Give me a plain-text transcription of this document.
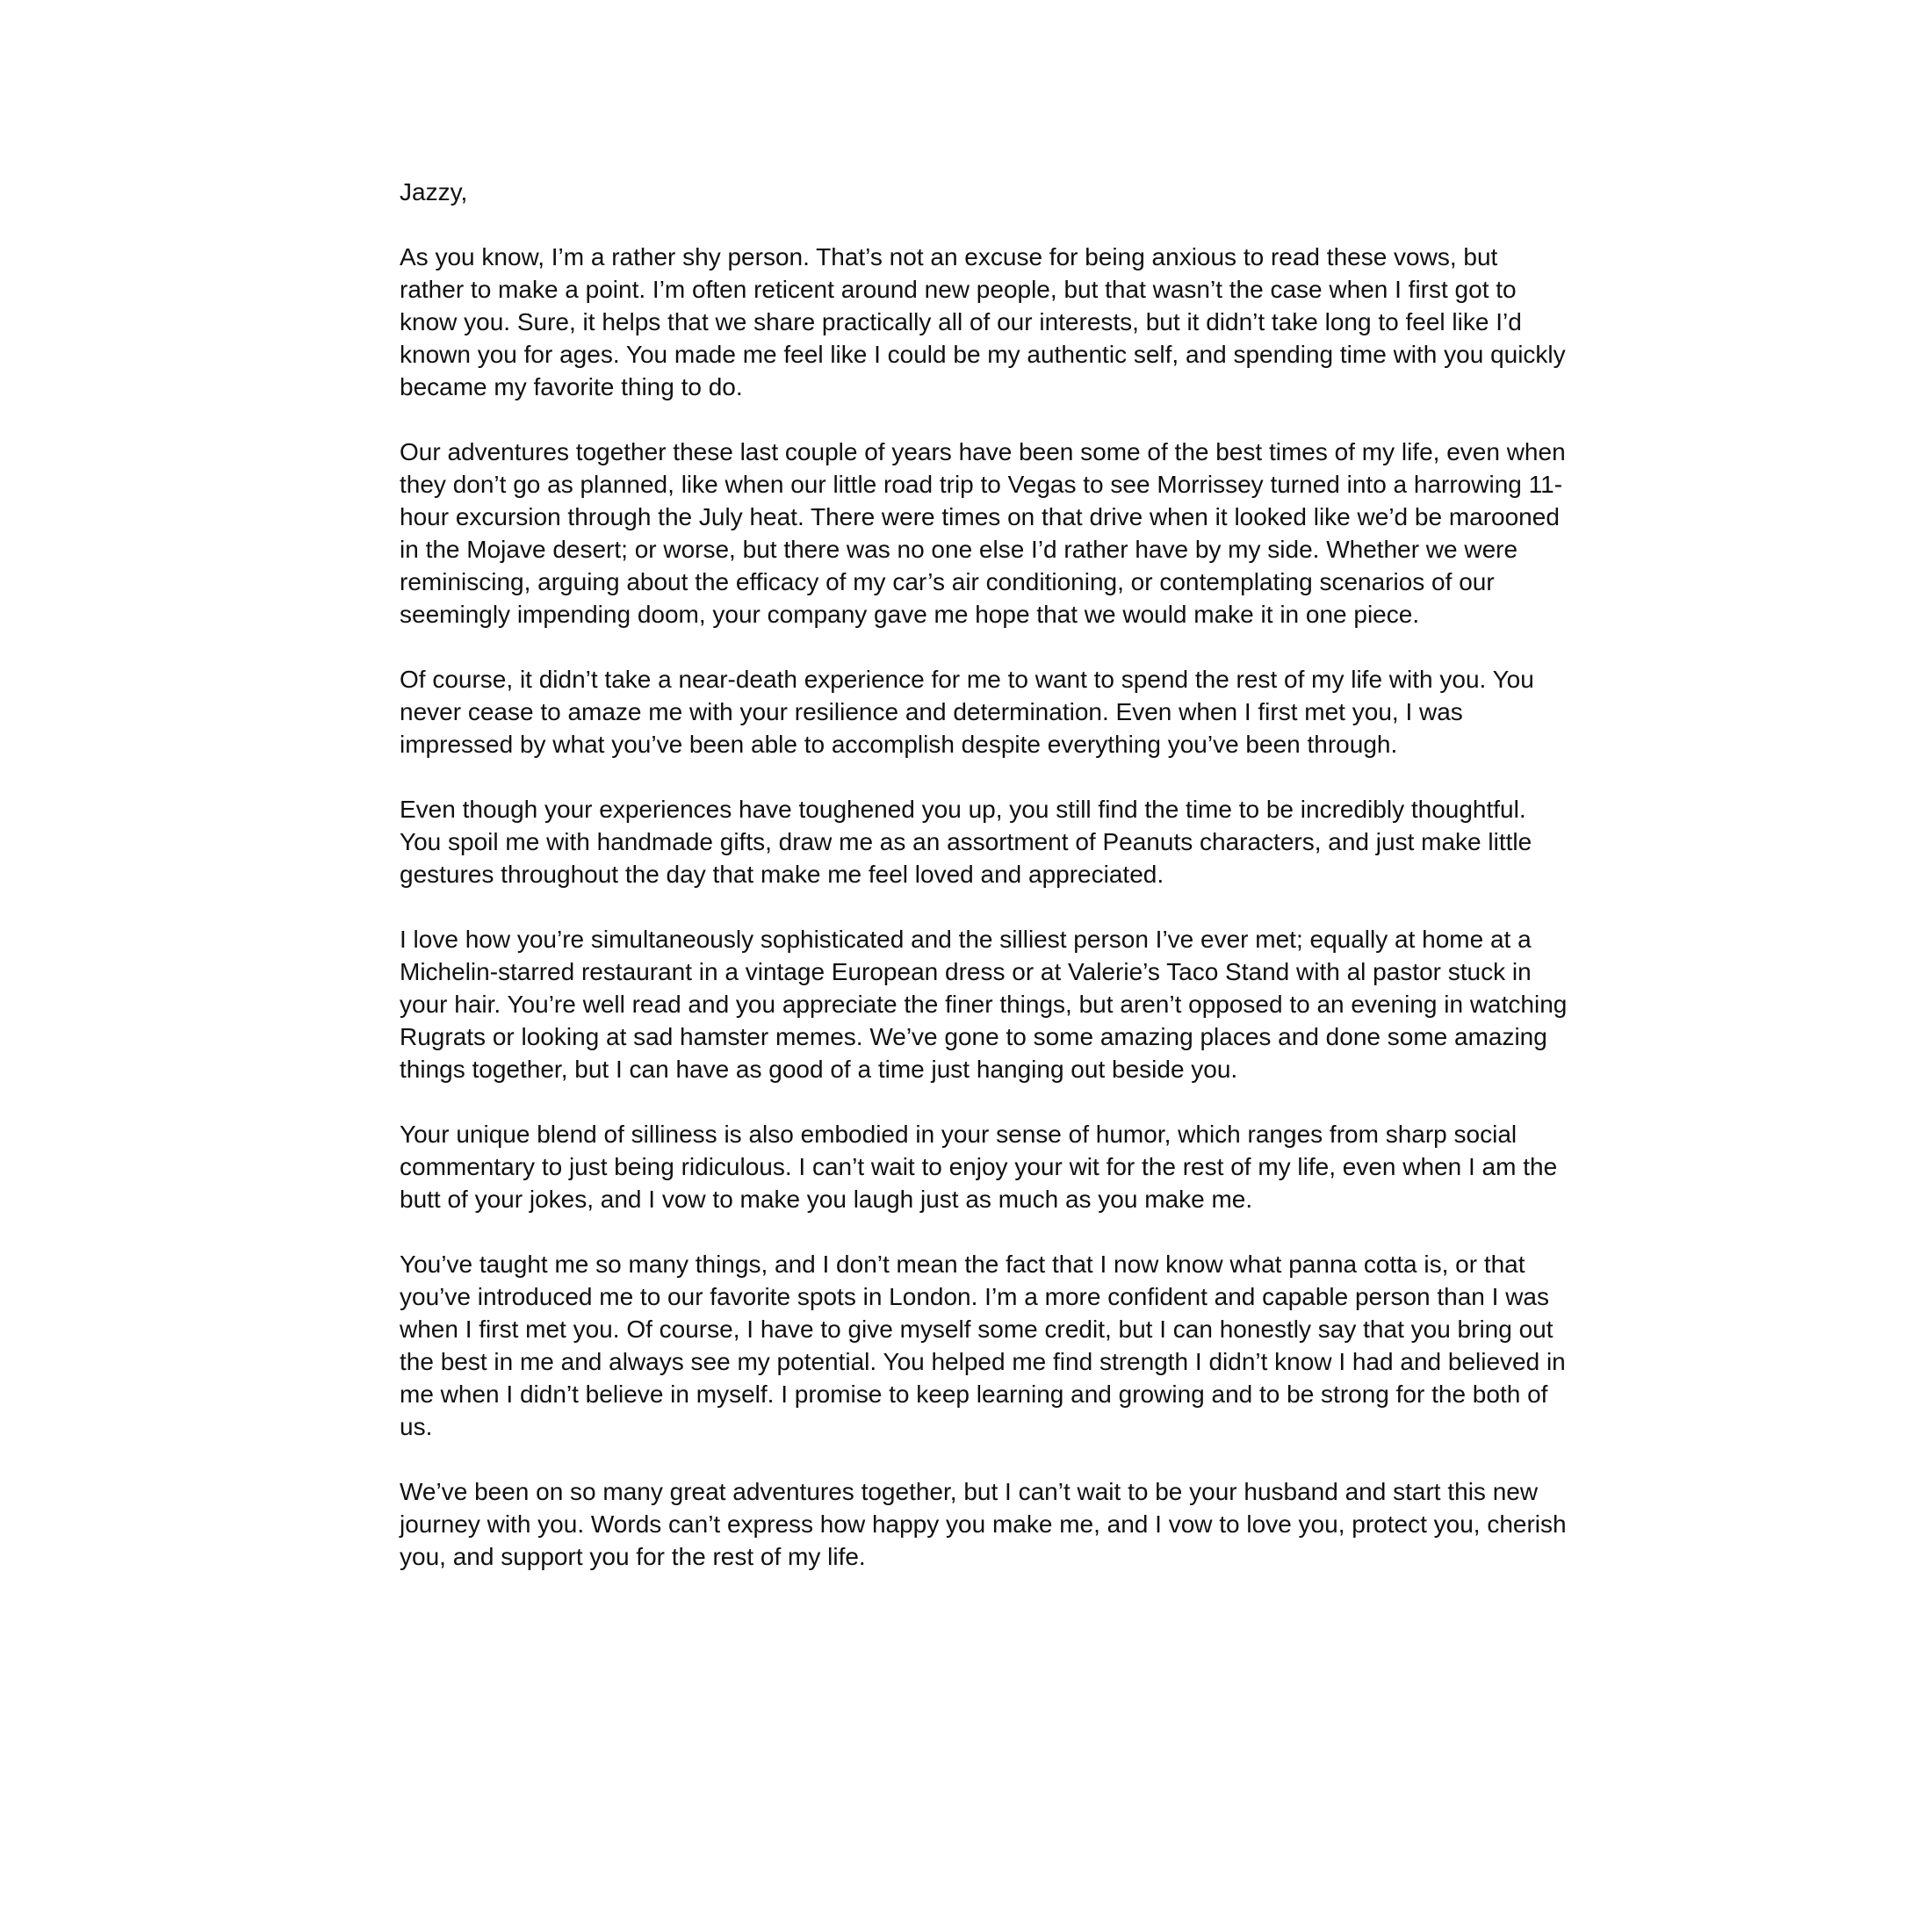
Jazzy,

As you know, I’m a rather shy person. That’s not an excuse for being anxious to read these vows, but rather to make a point. I’m often reticent around new people, but that wasn’t the case when I first got to know you. Sure, it helps that we share practically all of our interests, but it didn’t take long to feel like I’d known you for ages. You made me feel like I could be my authentic self, and spending time with you quickly became my favorite thing to do.

Our adventures together these last couple of years have been some of the best times of my life, even when they don’t go as planned, like when our little road trip to Vegas to see Morrissey turned into a harrowing 11-hour excursion through the July heat. There were times on that drive when it looked like we’d be marooned in the Mojave desert; or worse, but there was no one else I’d rather have by my side. Whether we were reminiscing, arguing about the efficacy of my car’s air conditioning, or contemplating scenarios of our seemingly impending doom, your company gave me hope that we would make it in one piece.

Of course, it didn’t take a near-death experience for me to want to spend the rest of my life with you. You never cease to amaze me with your resilience and determination. Even when I first met you, I was impressed by what you’ve been able to accomplish despite everything you’ve been through.

Even though your experiences have toughened you up, you still find the time to be incredibly thoughtful. You spoil me with handmade gifts, draw me as an assortment of Peanuts characters, and just make little gestures throughout the day that make me feel loved and appreciated.

I love how you’re simultaneously sophisticated and the silliest person I’ve ever met; equally at home at a Michelin-starred restaurant in a vintage European dress or at Valerie’s Taco Stand with al pastor stuck in your hair. You’re well read and you appreciate the finer things, but aren’t opposed to an evening in watching Rugrats or looking at sad hamster memes. We’ve gone to some amazing places and done some amazing things together, but I can have as good of a time just hanging out beside you.

Your unique blend of silliness is also embodied in your sense of humor, which ranges from sharp social commentary to just being ridiculous. I can’t wait to enjoy your wit for the rest of my life, even when I am the butt of your jokes, and I vow to make you laugh just as much as you make me.

You’ve taught me so many things, and I don’t mean the fact that I now know what panna cotta is, or that you’ve introduced me to our favorite spots in London. I’m a more confident and capable person than I was when I first met you. Of course, I have to give myself some credit, but I can honestly say that you bring out the best in me and always see my potential. You helped me find strength I didn’t know I had and believed in me when I didn’t believe in myself. I promise to keep learning and growing and to be strong for the both of us.

We’ve been on so many great adventures together, but I can’t wait to be your husband and start this new journey with you. Words can’t express how happy you make me, and I vow to love you, protect you, cherish you, and support you for the rest of my life.
